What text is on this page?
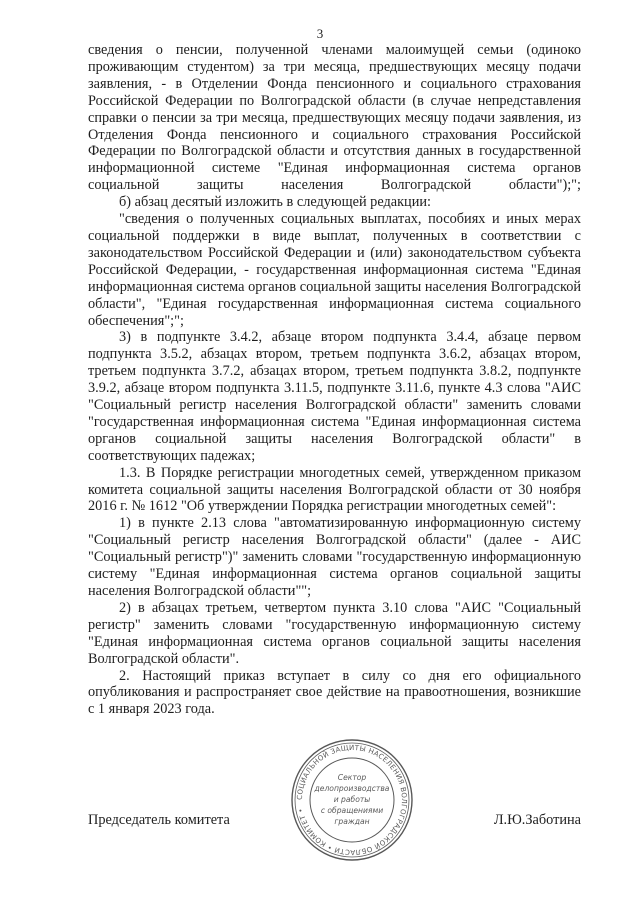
3

сведения о пенсии, полученной членами малоимущей семьи (одиноко проживающим студентом) за три месяца, предшествующих месяцу подачи заявления, - в Отделении Фонда пенсионного и социального страхования Российской Федерации по Волгоградской области (в случае непредставления справки о пенсии за три месяца, предшествующих месяцу подачи заявления, из Отделения Фонда пенсионного и социального страхования Российской Федерации по Волгоградской области и отсутствия данных в государственной информационной системе "Единая информационная система органов социальной защиты населения Волгоградской области");";

б) абзац десятый изложить в следующей редакции:

"сведения о полученных социальных выплатах, пособиях и иных мерах социальной поддержки в виде выплат, полученных в соответствии с законодательством Российской Федерации и (или) законодательством субъекта Российской Федерации, - государственная информационная система "Единая информационная система органов социальной защиты населения Волгоградской области", "Единая государственная информационная система социального обеспечения";";

3) в подпункте 3.4.2, абзаце втором подпункта 3.4.4, абзаце первом подпункта 3.5.2, абзацах втором, третьем подпункта 3.6.2, абзацах втором, третьем подпункта 3.7.2, абзацах втором, третьем подпункта 3.8.2, подпункте 3.9.2, абзаце втором подпункта 3.11.5, подпункте 3.11.6, пункте 4.3 слова "АИС "Социальный регистр населения Волгоградской области" заменить словами "государственная информационная система "Единая информационная система органов социальной защиты населения Волгоградской области" в соответствующих падежах;

1.3. В Порядке регистрации многодетных семей, утвержденном приказом комитета социальной защиты населения Волгоградской области от 30 ноября 2016 г. № 1612 "Об утверждении Порядка регистрации многодетных семей":

1) в пункте 2.13 слова "автоматизированную информационную систему "Социальный регистр населения Волгоградской области" (далее - АИС "Социальный регистр")" заменить словами "государственную информационную систему "Единая информационная система органов социальной защиты населения Волгоградской области"";

2) в абзацах третьем, четвертом пункта 3.10 слова "АИС "Социальный регистр" заменить словами "государственную информационную систему "Единая информационная система органов социальной защиты населения Волгоградской области".

2. Настоящий приказ вступает в силу со дня его официального опубликования и распространяет свое действие на правоотношения, возникшие с 1 января 2023 года.

Председатель комитета	Л.Ю.Заботина
СОЦИАЛЬНОЙ ЗАЩИТЫ НАСЕЛЕНИЯ ВОЛГОГРАДСКОЙ ОБЛАСТИ • КОМИТЕТ •
Сектор
делопроизводства
и работы
с обращениями
граждан
